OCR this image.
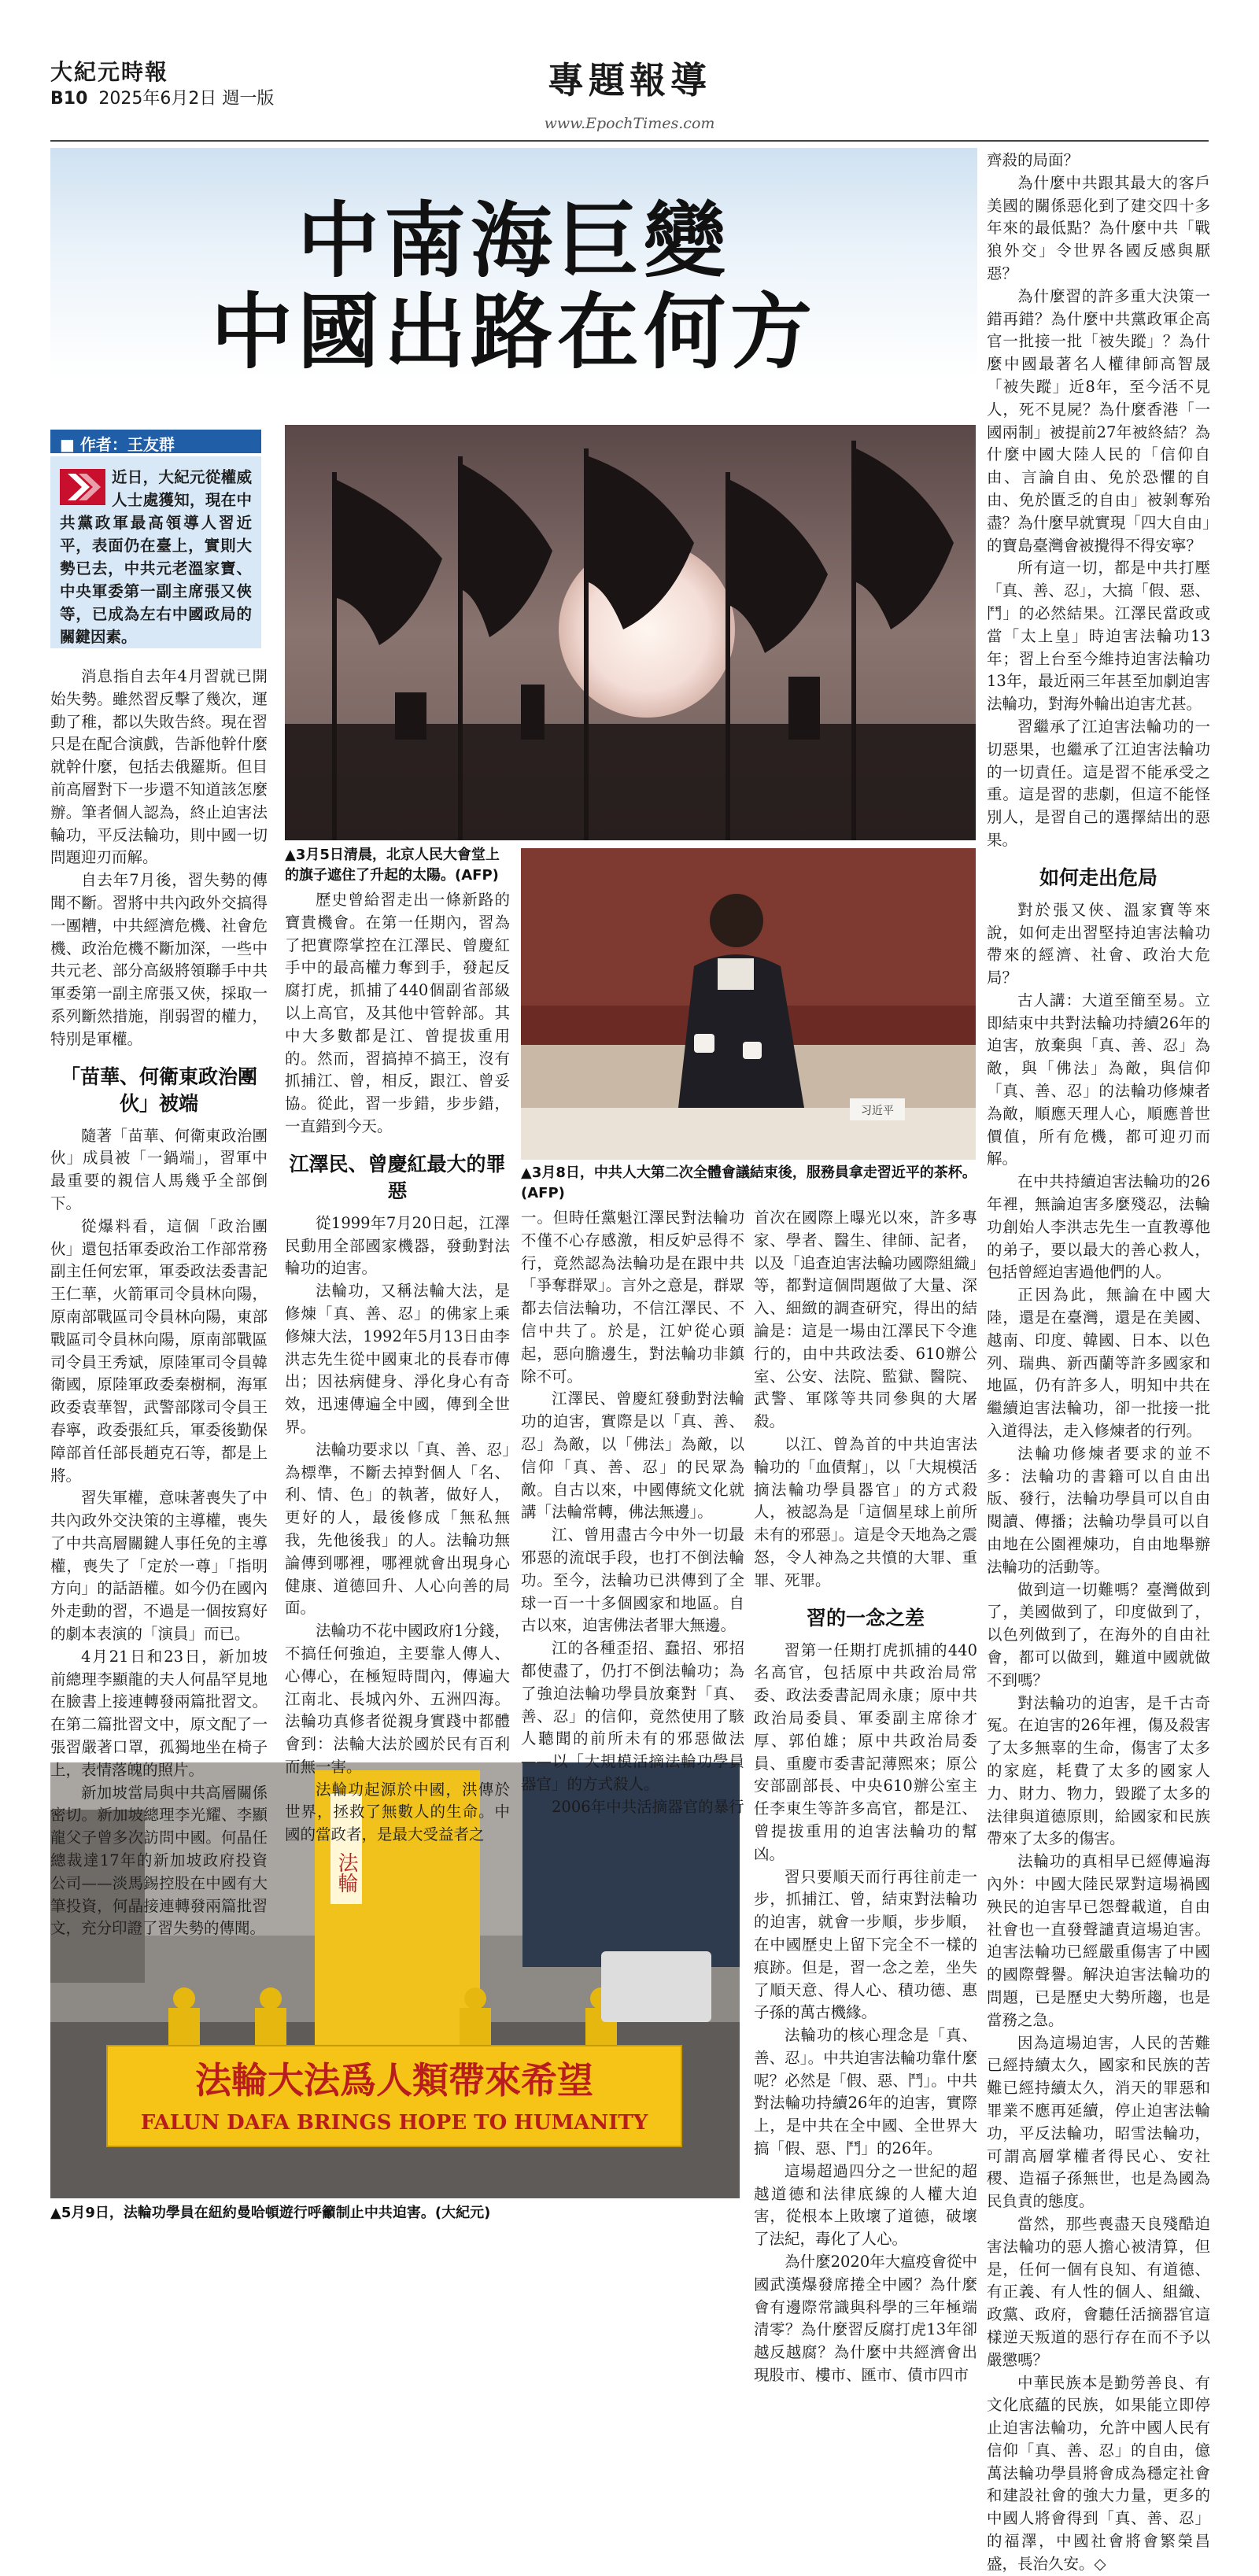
大紀元時報
B10 2025年6月2日 週一版	專題報導
www.EpochTimes.com
中南海巨變
中國出路在何方
■ 作者：王友群
近日，大紀元從權威人士處獲知，現在中共黨政軍最高領導人習近平，表面仍在臺上，實則大勢已去，中共元老溫家寶、中央軍委第一副主席張又俠等，已成為左右中國政局的關鍵因素。
▲3月5日清晨，北京人民大會堂上的旗子遮住了升起的太陽。(AFP)
习近平
▲3月8日，中共人大第二次全體會議結束後，服務員拿走習近平的茶杯。(AFP)
法輪
法輪大法爲人類帶來希望
FALUN DAFA BRINGS HOPE TO HUMANITY
▲5月9日，法輪功學員在紐約曼哈頓遊行呼籲制止中共迫害。(大紀元)

消息指自去年4月習就已開始失勢。雖然習反擊了幾次，運動了稚，都以失敗告終。現在習只是在配合演戲，告訴他幹什麼就幹什麼，包括去俄羅斯。但目前高層對下一步還不知道該怎麼辦。筆者個人認為，終止迫害法輪功，平反法輪功，則中國一切問題迎刃而解。

自去年7月後，習失勢的傳聞不斷。習將中共內政外交搞得一團糟，中共經濟危機、社會危機、政治危機不斷加深，一些中共元老、部分高級將領聯手中共軍委第一副主席張又俠，採取一系列斷然措施，削弱習的權力，特別是軍權。

「苗華、何衛東政治團伙」被端

隨著「苗華、何衛東政治團伙」成員被「一鍋端」，習軍中最重要的親信人馬幾乎全部倒下。

從爆料看，這個「政治團伙」還包括軍委政治工作部常務副主任何宏軍，軍委政法委書記王仁華，火箭軍司令員林向陽，原南部戰區司令員林向陽，東部戰區司令員林向陽，原南部戰區司令員王秀斌，原陸軍司令員韓衛國，原陸軍政委秦樹桐，海軍政委袁華智，武警部隊司令員王春寧，政委張紅兵，軍委後勤保障部首任部長趙克石等，都是上將。

習失軍權，意味著喪失了中共內政外交決策的主導權，喪失了中共高層關鍵人事任免的主導權，喪失了「定於一尊」「指明方向」的話語權。如今仍在國內外走動的習，不過是一個按寫好的劇本表演的「演員」而已。

4月21日和23日，新加坡前總理李顯龍的夫人何晶罕見地在臉書上接連轉發兩篇批習文。在第二篇批習文中，原文配了一張習嚴著口罩，孤獨地坐在椅子上，表情落魄的照片。

新加坡當局與中共高層關係密切。新加坡總理李光耀、李顯龍父子曾多次訪問中國。何晶任總裁達17年的新加坡政府投資公司——淡馬錫控股在中國有大筆投資，何晶接連轉發兩篇批習文，充分印證了習失勢的傳聞。

歷史曾給習走出一條新路的寶貴機會。在第一任期內，習為了把實際掌控在江澤民、曾慶紅手中的最高權力奪到手，發起反腐打虎，抓捕了440個副省部級以上高官，及其他中管幹部。其中大多數都是江、曾提拔重用的。然而，習搞掉不搞王，沒有抓捕江、曾，相反，跟江、曾妥協。從此，習一步錯，步步錯，一直錯到今天。

江澤民、曾慶紅最大的罪惡

從1999年7月20日起，江澤民動用全部國家機器，發動對法輪功的迫害。

法輪功，又稱法輪大法，是修煉「真、善、忍」的佛家上乘修煉大法，1992年5月13日由李洪志先生從中國東北的長春市傳出；因祛病健身、淨化身心有奇效，迅速傳遍全中國，傳到全世界。

法輪功要求以「真、善、忍」為標準，不斷去掉對個人「名、利、情、色」的執著，做好人，更好的人，最後修成「無私無我，先他後我」的人。法輪功無論傳到哪裡，哪裡就會出現身心健康、道德回升、人心向善的局面。

法輪功不花中國政府1分錢，不搞任何強迫，主要靠人傳人、心傳心，在極短時間內，傳遍大江南北、長城內外、五洲四海。法輪功真修者從親身實踐中都體會到：法輪大法於國於民有百利而無一害。

法輪功起源於中國，洪傳於世界，拯救了無數人的生命。中國的當政者，是最大受益者之

一。但時任黨魁江澤民對法輪功不僅不心存感激，相反妒忌得不行，竟然認為法輪功是在跟中共「爭奪群眾」。言外之意是，群眾都去信法輪功，不信江澤民、不信中共了。於是，江妒從心頭起，惡向膽邊生，對法輪功非鎮除不可。

江澤民、曾慶紅發動對法輪功的迫害，實際是以「真、善、忍」為敵，以「佛法」為敵，以信仰「真、善、忍」的民眾為敵。自古以來，中國傳統文化就講「法輪常轉，佛法無邊」。

江、曾用盡古今中外一切最邪惡的流氓手段，也打不倒法輪功。至今，法輪功已洪傳到了全球一百一十多個國家和地區。自古以來，迫害佛法者罪大無邊。

江的各種歪招、蠢招、邪招都使盡了，仍打不倒法輪功；為了強迫法輪功學員放棄對「真、善、忍」的信仰，竟然使用了駭人聽聞的前所未有的邪惡做法——以「大規模活摘法輪功學員器官」的方式殺人。

2006年中共活摘器官的暴行

首次在國際上曝光以來，許多專家、學者、醫生、律師、記者，以及「追查迫害法輪功國際組織」等，都對這個問題做了大量、深入、細緻的調查研究，得出的結論是：這是一場由江澤民下令進行的，由中共政法委、610辦公室、公安、法院、監獄、醫院、武警、軍隊等共同參與的大屠殺。

以江、曾為首的中共迫害法輪功的「血債幫」，以「大規模活摘法輪功學員器官」的方式殺人，被認為是「這個星球上前所未有的邪惡」。這是令天地為之震怒，令人神為之共憤的大罪、重罪、死罪。

習的一念之差

習第一任期打虎抓捕的440名高官，包括原中共政治局常委、政法委書記周永康；原中共政治局委員、軍委副主席徐才厚、郭伯雄；原中共政治局委員、重慶市委書記薄熙來；原公安部副部長、中央610辦公室主任李東生等許多高官，都是江、曾提拔重用的迫害法輪功的幫凶。

習只要順天而行再往前走一步，抓捕江、曾，結束對法輪功的迫害，就會一步順，步步順，在中國歷史上留下完全不一樣的痕跡。但是，習一念之差，坐失了順天意、得人心、積功德、惠子孫的萬古機緣。

法輪功的核心理念是「真、善、忍」。中共迫害法輪功靠什麼呢？必然是「假、惡、鬥」。中共對法輪功持續26年的迫害，實際上，是中共在全中國、全世界大搞「假、惡、鬥」的26年。

這場超過四分之一世紀的超越道德和法律底線的人權大迫害，從根本上敗壞了道德，破壞了法紀，毒化了人心。

為什麼2020年大瘟疫會從中國武漢爆發席捲全中國？為什麼會有邊際常識與科學的三年極端清零？為什麼習反腐打虎13年卻越反越腐？為什麼中共經濟會出現股市、樓市、匯市、債市四市

齊殺的局面？

為什麼中共跟其最大的客戶美國的關係惡化到了建交四十多年來的最低點？為什麼中共「戰狼外交」令世界各國反感與厭惡？

為什麼習的許多重大決策一錯再錯？為什麼中共黨政軍企高官一批接一批「被失蹤」？為什麼中國最著名人權律師高智晟「被失蹤」近8年，至今活不見人，死不見屍？為什麼香港「一國兩制」被提前27年被終結？為什麼中國大陸人民的「信仰自由、言論自由、免於恐懼的自由、免於匱乏的自由」被剝奪殆盡？為什麼早就實現「四大自由」的寶島臺灣會被攪得不得安寧？

所有這一切，都是中共打壓「真、善、忍」，大搞「假、惡、鬥」的必然結果。江澤民當政或當「太上皇」時迫害法輪功13年；習上台至今維持迫害法輪功13年，最近兩三年甚至加劇迫害法輪功，對海外輪出迫害尤甚。

習繼承了江迫害法輪功的一切惡果，也繼承了江迫害法輪功的一切責任。這是習不能承受之重。這是習的悲劇，但這不能怪別人，是習自己的選擇結出的惡果。

如何走出危局

對於張又俠、溫家寶等來說，如何走出習堅持迫害法輪功帶來的經濟、社會、政治大危局？

古人講：大道至簡至易。立即結束中共對法輪功持續26年的迫害，放棄與「真、善、忍」為敵，與「佛法」為敵，與信仰「真、善、忍」的法輪功修煉者為敵，順應天理人心，順應普世價值，所有危機，都可迎刃而解。

在中共持續迫害法輪功的26年裡，無論迫害多麼殘忍，法輪功創始人李洪志先生一直教導他的弟子，要以最大的善心救人，包括曾經迫害過他們的人。

正因為此，無論在中國大陸，還是在臺灣，還是在美國、越南、印度、韓國、日本、以色列、瑞典、新西蘭等許多國家和地區，仍有許多人，明知中共在繼續迫害法輪功，卻一批接一批入道得法，走入修煉者的行列。

法輪功修煉者要求的並不多：法輪功的書籍可以自由出版、發行，法輪功學員可以自由閱讀、傳播；法輪功學員可以自由地在公園裡煉功，自由地舉辦法輪功的活動等。

做到這一切難嗎？臺灣做到了，美國做到了，印度做到了，以色列做到了，在海外的自由社會，都可以做到，難道中國就做不到嗎？

對法輪功的迫害，是千古奇冤。在迫害的26年裡，傷及殺害了太多無辜的生命，傷害了太多的家庭，耗費了太多的國家人力、財力、物力，毀蹤了太多的法律與道德原則，給國家和民族帶來了太多的傷害。

法輪功的真相早已經傳遍海內外：中國大陸民眾對這場禍國殃民的迫害早已怨聲載道，自由社會也一直發聲譴責這場迫害。迫害法輪功已經嚴重傷害了中國的國際聲譽。解決迫害法輪功的問題，已是歷史大勢所趨，也是當務之急。

因為這場迫害，人民的苦難已經持續太久，國家和民族的苦難已經持續太久，消天的罪惡和罪業不應再延續，停止迫害法輪功，平反法輪功，昭雪法輪功，可謂高層掌權者得民心、安社稷、造福子孫無世，也是為國為民負責的態度。

當然，那些喪盡天良殘酷迫害法輪功的惡人擔心被清算，但是，任何一個有良知、有道德、有正義、有人性的個人、組織、政黨、政府，會聽任活摘器官這樣逆天叛道的惡行存在而不予以嚴懲嗎？

中華民族本是勤勞善良、有文化底蘊的民族，如果能立即停止迫害法輪功，允許中國人民有信仰「真、善、忍」的自由，億萬法輪功學員將會成為穩定社會和建設社會的強大力量，更多的中國人將會得到「真、善、忍」的福澤，中國社會將會繁榮昌盛，長治久安。◇
